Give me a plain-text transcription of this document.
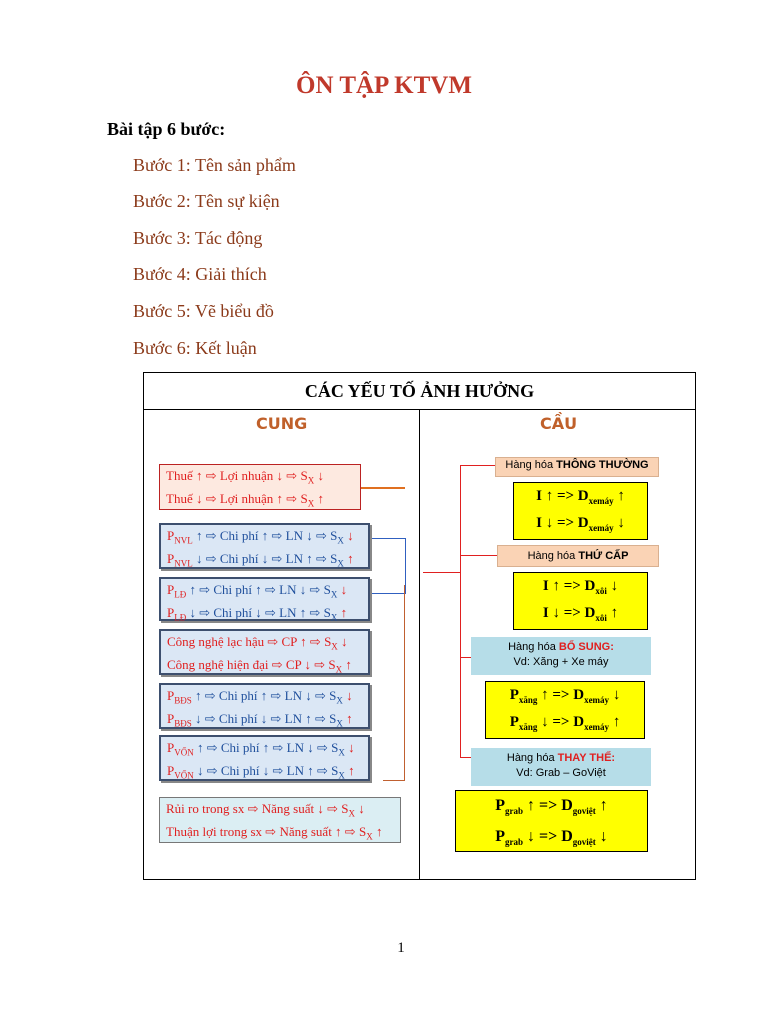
ÔN TẬP KTVM
Bài tập 6 bước:
Bước 1: Tên sản phẩm
Bước 2: Tên sự kiện
Bước 3: Tác động
Bước 4: Giải thích
Bước 5: Vẽ biểu đồ
Bước 6: Kết luận
CÁC YẾU TỐ ẢNH HƯỞNG
CUNG	CẦU
Thuế ↑ ⇨ Lợi nhuận ↓ ⇨ $S_X$ ↓
Thuế ↓ ⇨ Lợi nhuận ↑ ⇨ $S_X$ ↑
$P_{NVL}$ ↑ ⇨ Chi phí ↑ ⇨ LN ↓ ⇨ $S_X$ ↓
$P_{NVL}$ ↓ ⇨ Chi phí ↓ ⇨ LN ↑ ⇨ $S_X$ ↑
$P_{LĐ}$ ↑ ⇨ Chi phí ↑ ⇨ LN ↓ ⇨ $S_X$ ↓
$P_{LĐ}$ ↓ ⇨ Chi phí ↓ ⇨ LN ↑ ⇨ $S_X$ ↑
Công nghệ lạc hậu ⇨ CP ↑ ⇨ $S_X$ ↓
Công nghệ hiện đại ⇨ CP ↓ ⇨ $S_X$ ↑
$P_{BĐS}$ ↑ ⇨ Chi phí ↑ ⇨ LN ↓ ⇨ $S_X$ ↓
$P_{BĐS}$ ↓ ⇨ Chi phí ↓ ⇨ LN ↑ ⇨ $S_X$ ↑
$P_{VỐN}$ ↑ ⇨ Chi phí ↑ ⇨ LN ↓ ⇨ $S_X$ ↓
$P_{VỐN}$ ↓ ⇨ Chi phí ↓ ⇨ LN ↑ ⇨ $S_X$ ↑
Rủi ro trong sx ⇨ Năng suất ↓ ⇨ $S_X$ ↓
Thuận lợi trong sx ⇨ Năng suất ↑ ⇨ $S_X$ ↑
Hàng hóa THÔNG THƯỜNG
I ↑ => $D_{xemáy}$ ↑
I ↓ => $D_{xemáy}$ ↓
Hàng hóa THỨ CẤP
I ↑ => $D_{xôi}$ ↓
I ↓ => $D_{xôi}$ ↑
Hàng hóa BỔ SUNG:
Vd: Xăng + Xe máy
$P_{xăng}$ ↑ => $D_{xemáy}$ ↓
$P_{xăng}$ ↓ => $D_{xemáy}$ ↑
Hàng hóa THAY THẾ:
Vd: Grab – GoViệt
$P_{grab}$ ↑ => $D_{goviệt}$ ↑
$P_{grab}$ ↓ => $D_{goviệt}$ ↓
1
